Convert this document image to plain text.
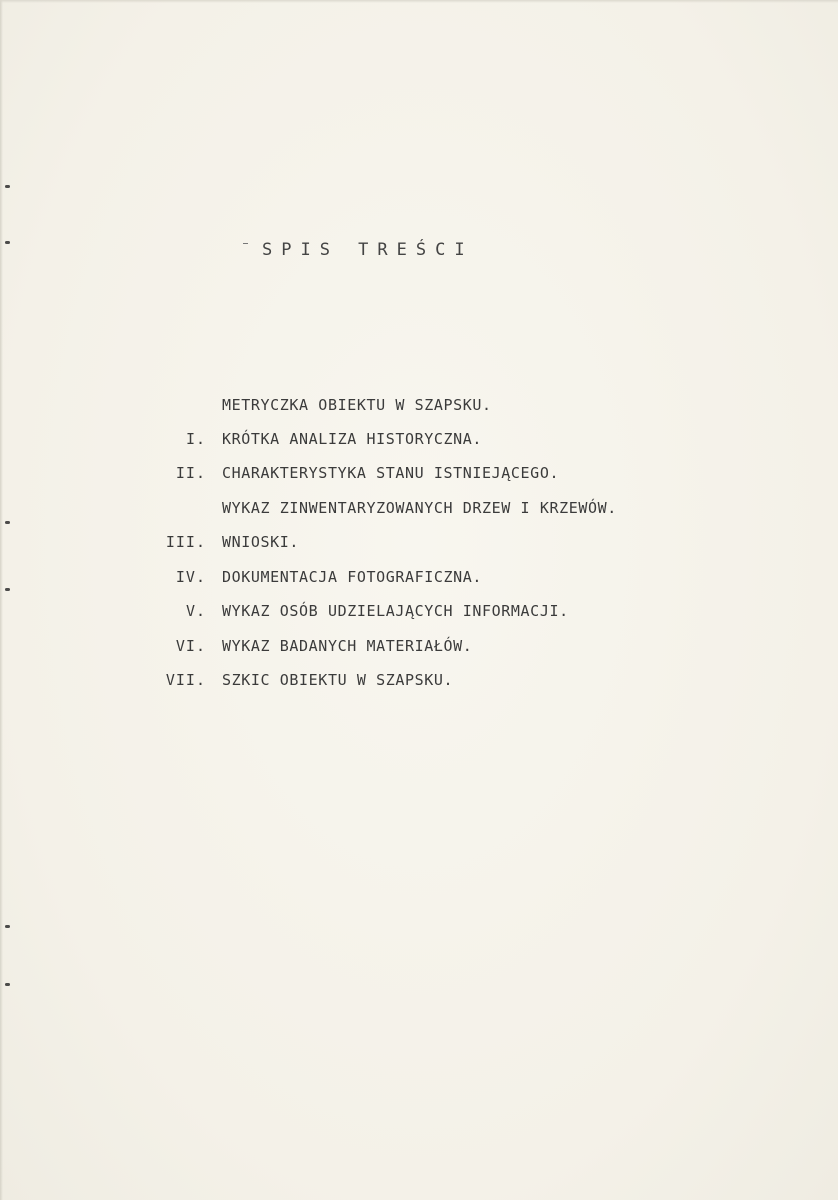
SPIS TREŚCI
METRYCZKA OBIEKTU W SZAPSKU.
I. KRÓTKA ANALIZA HISTORYCZNA.
II. CHARAKTERYSTYKA STANU ISTNIEJĄCEGO.
WYKAZ ZINWENTARYZOWANYCH DRZEW I KRZEWÓW.
III. WNIOSKI.
IV. DOKUMENTACJA FOTOGRAFICZNA.
V. WYKAZ OSÓB UDZIELAJĄCYCH INFORMACJI.
VI. WYKAZ BADANYCH MATERIAŁÓW.
VII. SZKIC OBIEKTU W SZAPSKU.
